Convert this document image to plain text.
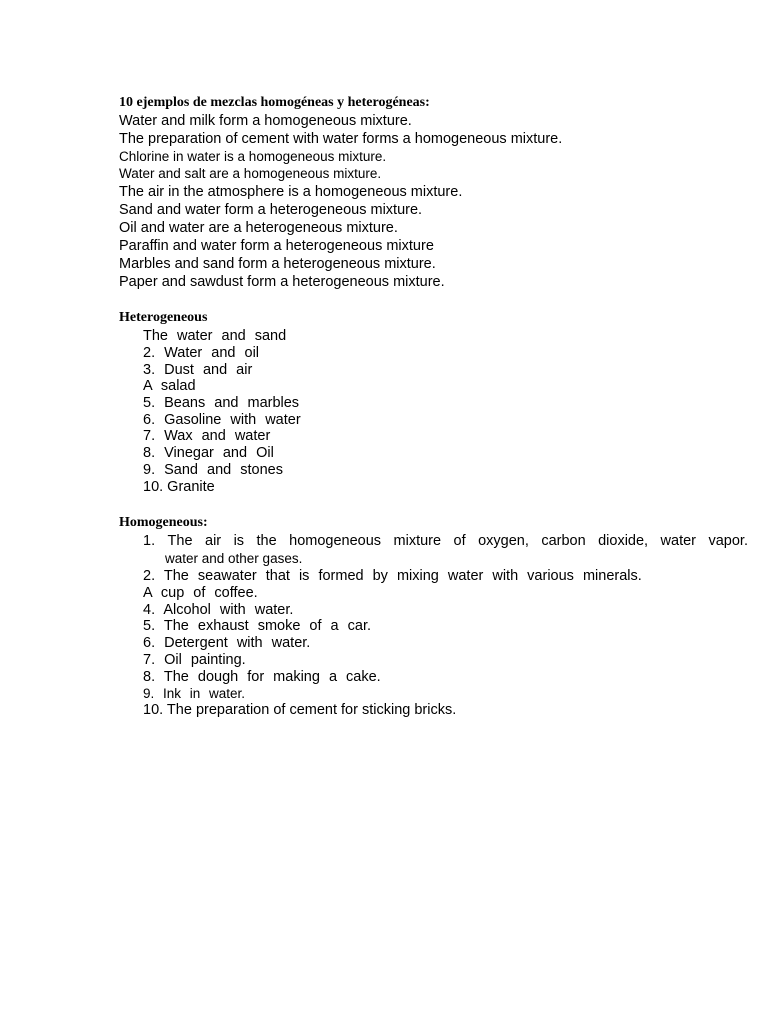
10 ejemplos de mezclas homogéneas y heterogéneas:
Water and milk form a homogeneous mixture.
The preparation of cement with water forms a homogeneous mixture.
Chlorine in water is a homogeneous mixture.
Water and salt are a homogeneous mixture.
The air in the atmosphere is a homogeneous mixture.
Sand and water form a heterogeneous mixture.
Oil and water are a heterogeneous mixture.
Paraffin and water form a heterogeneous mixture
Marbles and sand form a heterogeneous mixture.
Paper and sawdust form a heterogeneous mixture.
Heterogeneous
The water and sand
2. Water and oil
3. Dust and air
A salad
5. Beans and marbles
6. Gasoline with water
7. Wax and water
8. Vinegar and Oil
9. Sand and stones
10. Granite
Homogeneous:
1. The air is the homogeneous mixture of oxygen, carbon dioxide, water vapor.
water and other gases.
2. The seawater that is formed by mixing water with various minerals.
A cup of coffee.
4. Alcohol with water.
5. The exhaust smoke of a car.
6. Detergent with water.
7. Oil painting.
8. The dough for making a cake.
9. Ink in water.
10. The preparation of cement for sticking bricks.
